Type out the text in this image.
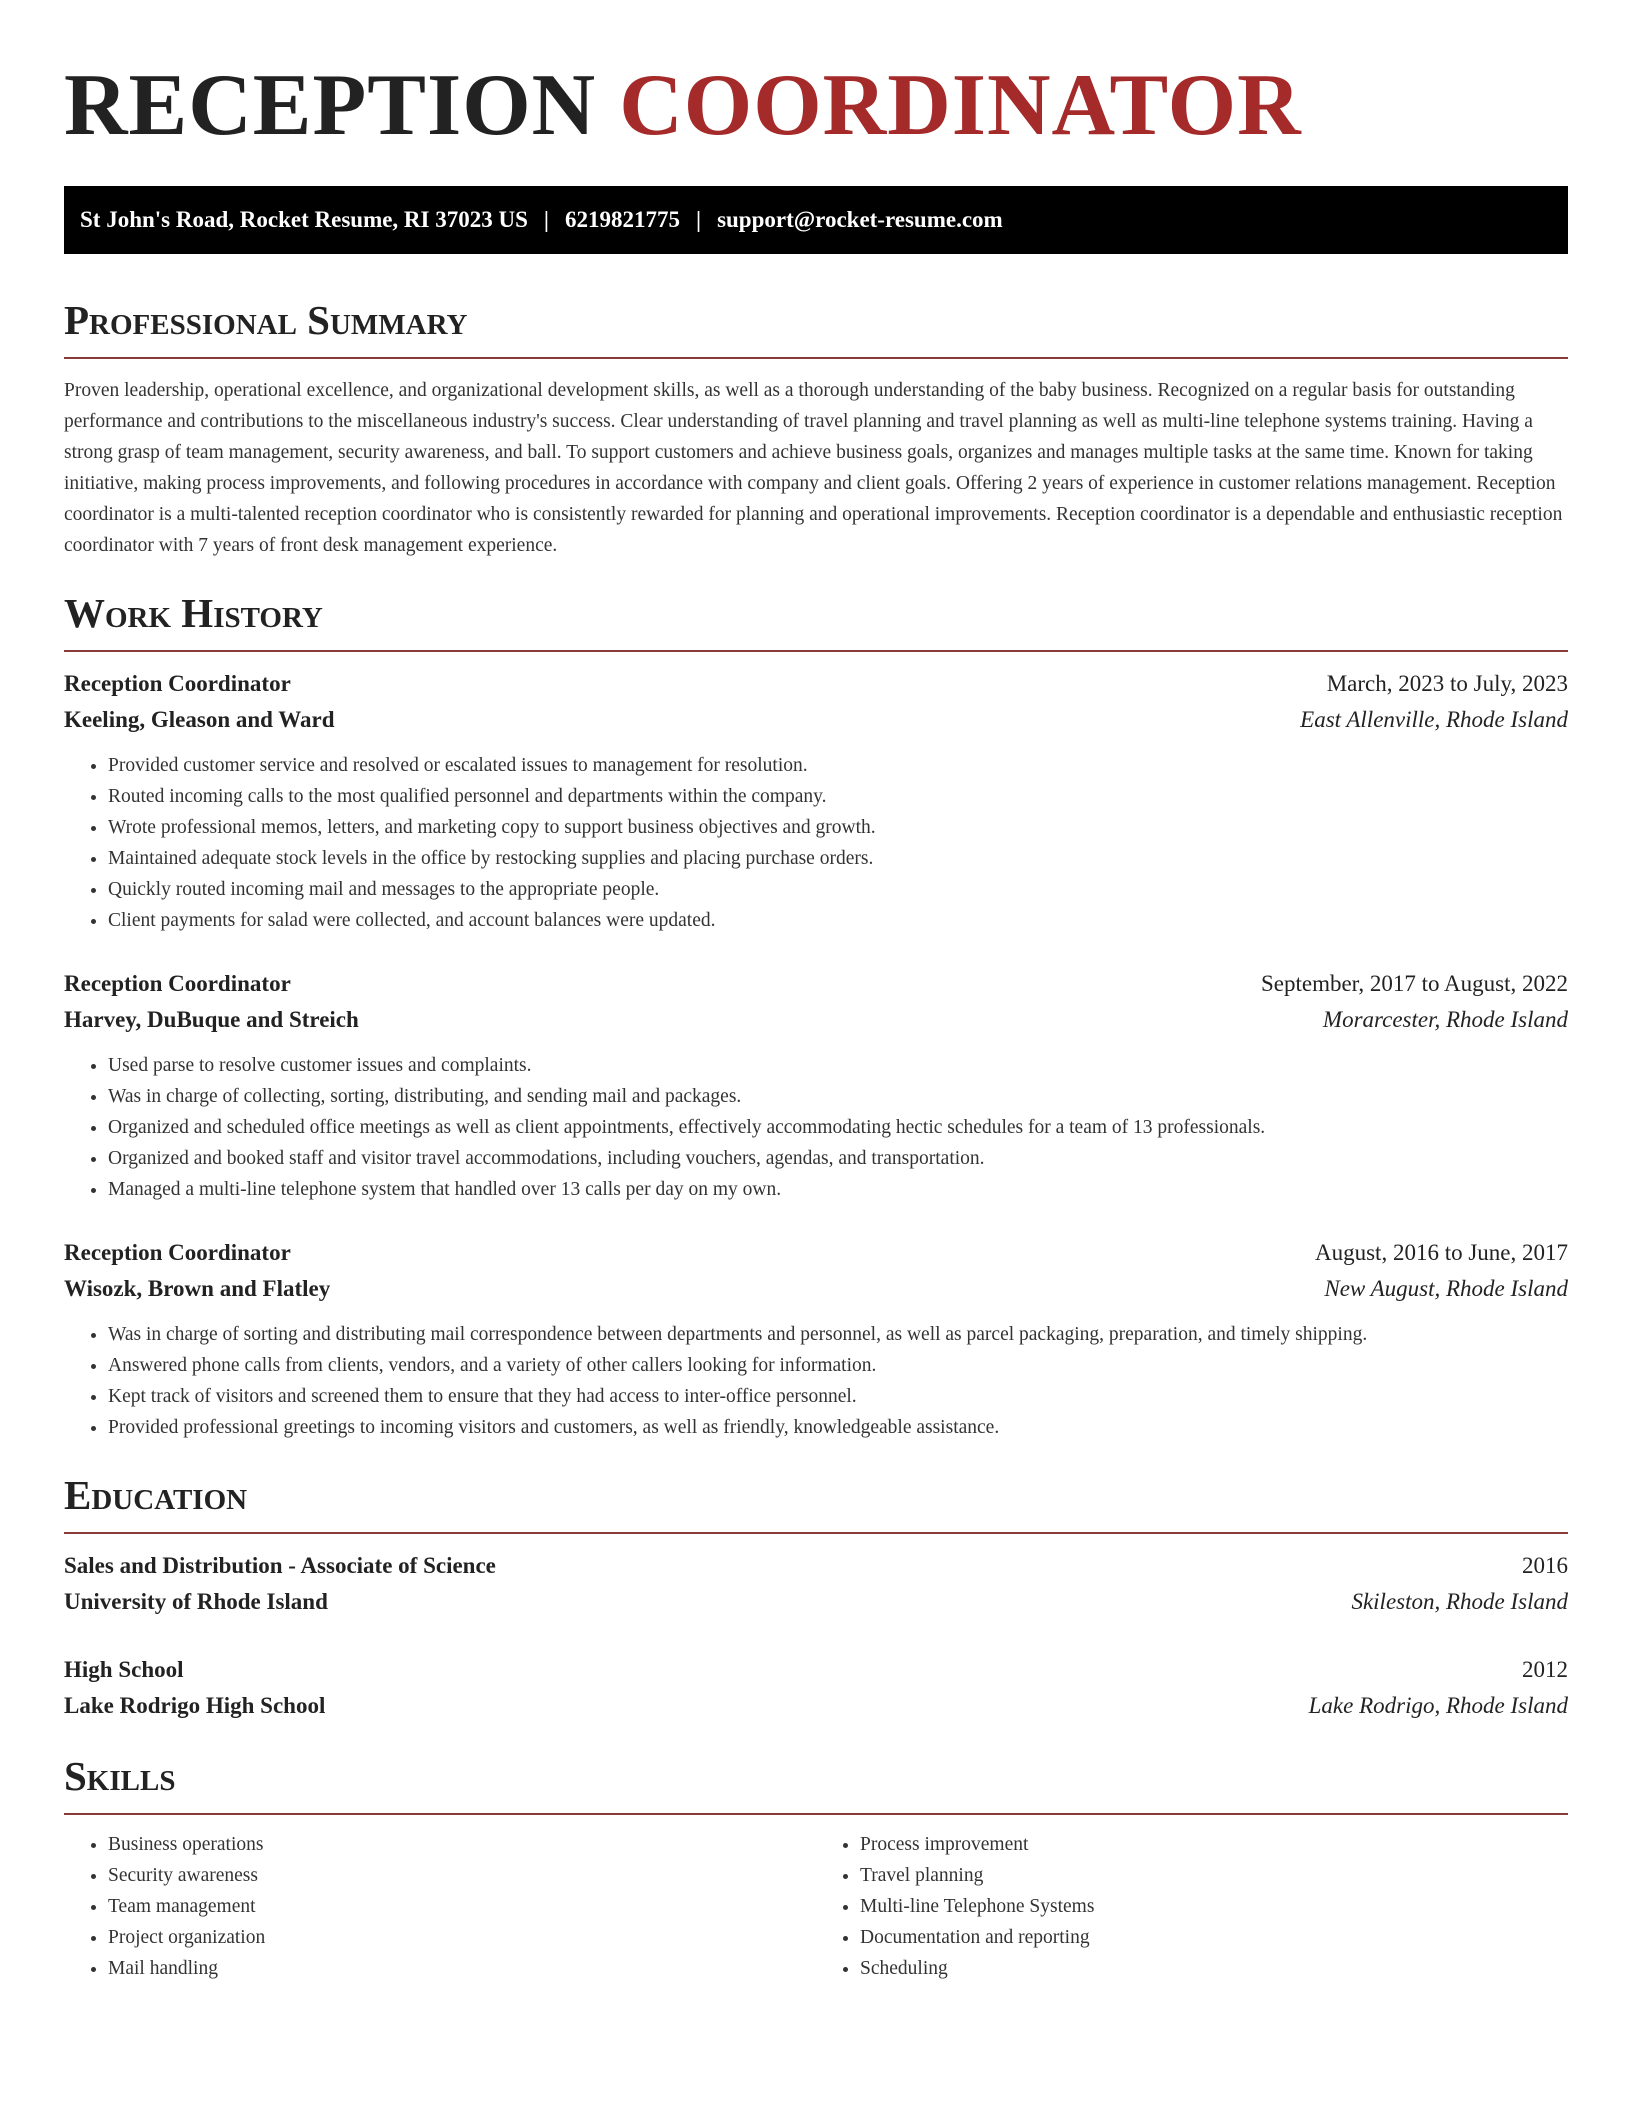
RECEPTION COORDINATOR
St John's Road, Rocket Resume, RI 37023 US | 6219821775 | support@rocket-resume.com
Professional Summary

Proven leadership, operational excellence, and organizational development skills, as well as a thorough understanding of the baby business. Recognized on a regular basis for outstanding performance and contributions to the miscellaneous industry's success. Clear understanding of travel planning and travel planning as well as multi-line telephone systems training. Having a strong grasp of team management, security awareness, and ball. To support customers and achieve business goals, organizes and manages multiple tasks at the same time. Known for taking initiative, making process improvements, and following procedures in accordance with company and client goals. Offering 2 years of experience in customer relations management. Reception coordinator is a multi-talented reception coordinator who is consistently rewarded for planning and operational improvements. Reception coordinator is a dependable and enthusiastic reception coordinator with 7 years of front desk management experience.

Work History
Reception Coordinator	March, 2023 to July, 2023
Keeling, Gleason and Ward	East Allenville, Rhode Island
• Provided customer service and resolved or escalated issues to management for resolution.
• Routed incoming calls to the most qualified personnel and departments within the company.
• Wrote professional memos, letters, and marketing copy to support business objectives and growth.
• Maintained adequate stock levels in the office by restocking supplies and placing purchase orders.
• Quickly routed incoming mail and messages to the appropriate people.
• Client payments for salad were collected, and account balances were updated.
Reception Coordinator	September, 2017 to August, 2022
Harvey, DuBuque and Streich	Morarcester, Rhode Island
• Used parse to resolve customer issues and complaints.
• Was in charge of collecting, sorting, distributing, and sending mail and packages.
• Organized and scheduled office meetings as well as client appointments, effectively accommodating hectic schedules for a team of 13 professionals.
• Organized and booked staff and visitor travel accommodations, including vouchers, agendas, and transportation.
• Managed a multi-line telephone system that handled over 13 calls per day on my own.
Reception Coordinator	August, 2016 to June, 2017
Wisozk, Brown and Flatley	New August, Rhode Island
• Was in charge of sorting and distributing mail correspondence between departments and personnel, as well as parcel packaging, preparation, and timely shipping.
• Answered phone calls from clients, vendors, and a variety of other callers looking for information.
• Kept track of visitors and screened them to ensure that they had access to inter-office personnel.
• Provided professional greetings to incoming visitors and customers, as well as friendly, knowledgeable assistance.
Education
Sales and Distribution - Associate of Science	2016
University of Rhode Island	Skileston, Rhode Island
High School	2012
Lake Rodrigo High School	Lake Rodrigo, Rhode Island
Skills
• Business operations
• Security awareness
• Team management
• Project organization
• Mail handling
• Process improvement
• Travel planning
• Multi-line Telephone Systems
• Documentation and reporting
• Scheduling
